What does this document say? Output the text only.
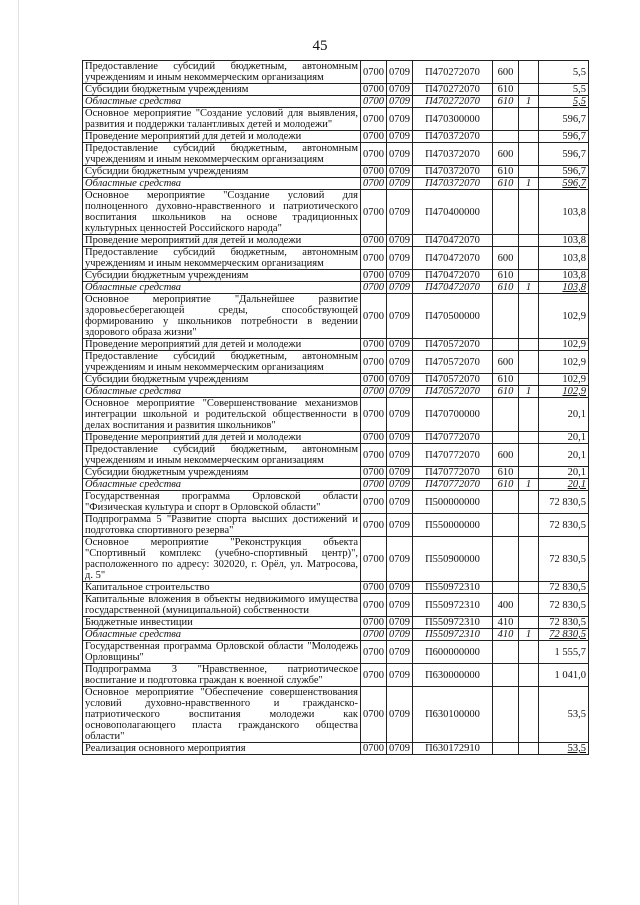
45
Предоставление субсидий бюджетным, автономным учреждениям и иным некоммерческим организациям	0700	0709	П470272070	600		5,5
Субсидии бюджетным учреждениям	0700	0709	П470272070	610		5,5
Областные средства	0700	0709	П470272070	610	1	5,5
Основное мероприятие "Создание условий для выявления, развития и поддержки талантливых детей и молодежи"	0700	0709	П470300000			596,7
Проведение мероприятий для детей и молодежи	0700	0709	П470372070			596,7
Предоставление субсидий бюджетным, автономным учреждениям и иным некоммерческим организациям	0700	0709	П470372070	600		596,7
Субсидии бюджетным учреждениям	0700	0709	П470372070	610		596,7
Областные средства	0700	0709	П470372070	610	1	596,7
Основное мероприятие "Создание условий для полноценного духовно-нравственного и патриотического воспитания школьников на основе традиционных культурных ценностей Российского народа"	0700	0709	П470400000			103,8
Проведение мероприятий для детей и молодежи	0700	0709	П470472070			103,8
Предоставление субсидий бюджетным, автономным учреждениям и иным некоммерческим организациям	0700	0709	П470472070	600		103,8
Субсидии бюджетным учреждениям	0700	0709	П470472070	610		103,8
Областные средства	0700	0709	П470472070	610	1	103,8
Основное мероприятие "Дальнейшее развитие здоровьесберегающей среды, способствующей формированию у школьников потребности в ведении здорового образа жизни"	0700	0709	П470500000			102,9
Проведение мероприятий для детей и молодежи	0700	0709	П470572070			102,9
Предоставление субсидий бюджетным, автономным учреждениям и иным некоммерческим организациям	0700	0709	П470572070	600		102,9
Субсидии бюджетным учреждениям	0700	0709	П470572070	610		102,9
Областные средства	0700	0709	П470572070	610	1	102,9
Основное мероприятие "Совершенствование механизмов интеграции школьной и родительской общественности в делах воспитания и развития школьников"	0700	0709	П470700000			20,1
Проведение мероприятий для детей и молодежи	0700	0709	П470772070			20,1
Предоставление субсидий бюджетным, автономным учреждениям и иным некоммерческим организациям	0700	0709	П470772070	600		20,1
Субсидии бюджетным учреждениям	0700	0709	П470772070	610		20,1
Областные средства	0700	0709	П470772070	610	1	20,1
Государственная программа Орловской области "Физическая культура и спорт в Орловской области"	0700	0709	П500000000			72 830,5
Подпрограмма 5 "Развитие спорта высших достижений и подготовка спортивного резерва"	0700	0709	П550000000			72 830,5
Основное мероприятие "Реконструкция объекта "Спортивный комплекс (учебно-спортивный центр)", расположенного по адресу: 302020, г. Орёл, ул. Матросова, д. 5"	0700	0709	П550900000			72 830,5
Капитальное строительство	0700	0709	П550972310			72 830,5
Капитальные вложения в объекты недвижимого имущества государственной (муниципальной) собственности	0700	0709	П550972310	400		72 830,5
Бюджетные инвестиции	0700	0709	П550972310	410		72 830,5
Областные средства	0700	0709	П550972310	410	1	72 830,5
Государственная программа Орловской области "Молодежь Орловщины"	0700	0709	П600000000			1 555,7
Подпрограмма 3 "Нравственное, патриотическое воспитание и подготовка граждан к военной службе"	0700	0709	П630000000			1 041,0
Основное мероприятие "Обеспечение совершенствования условий духовно-нравственного и гражданско-патриотического воспитания молодежи как основополагающего пласта гражданского общества области"	0700	0709	П630100000			53,5
Реализация основного мероприятия	0700	0709	П630172910			53,5
